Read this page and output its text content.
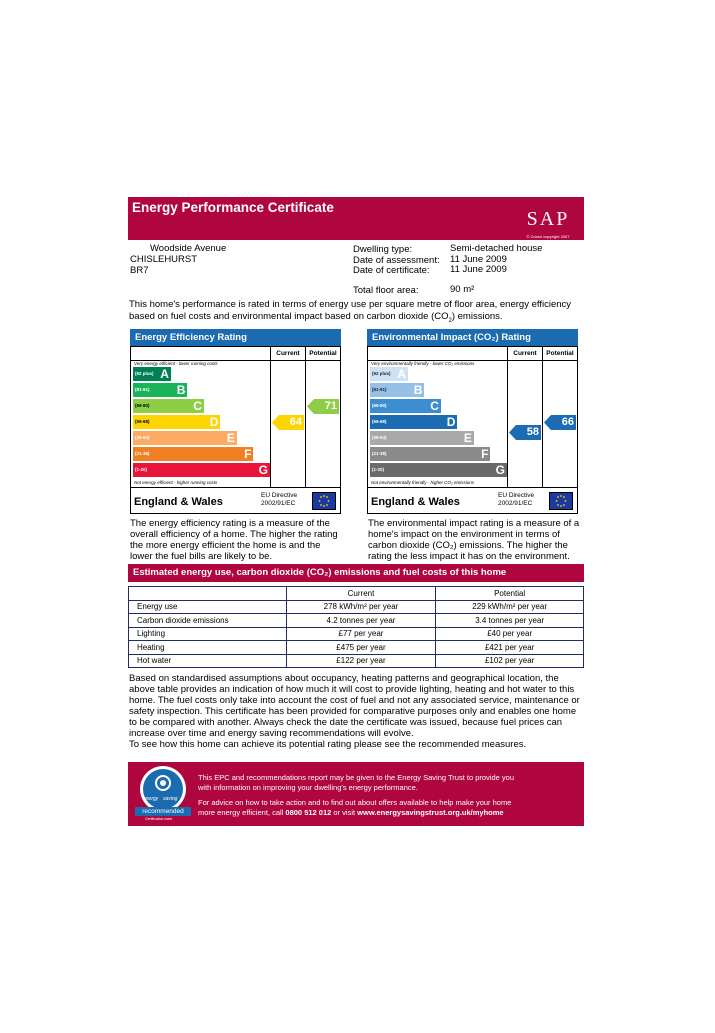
Energy Performance Certificate
SAP
© Crown copyright 2007
Woodside Avenue
CHISLEHURST
BR7
Dwelling type:	Semi-detached house
Date of assessment: 11 June 2009
Date of certificate: 11 June 2009
Total floor area:	90 m²
This home's performance is rated in terms of energy use per square metre of floor area, energy efficiency
based on fuel costs and environmental impact based on carbon dioxide $(CO_2)$ emissions.
Energy Efficiency Rating
Current	Potential
Very energy efficient - lower running costs
(92 plus) A
(81-91) B
(69-80)	C
(55-68)	D
(39-54)	E
(21-38)	F
(1-20)	G
Not energy efficient - higher running costs
64
71
England & Wales
EU Directive
2002/91/EC
Environmental Impact (CO₂) Rating
Current	Potential
Very environmentally friendly - lower CO₂ emissions
(92 plus) A
(81-91) B
(69-80)	C
(55-68)	D
(39-54)	E
(21-38)	F
(1-20)	G
Not environmentally friendly - higher CO₂ emissions
58
66
England & Wales
EU Directive
2002/91/EC
The energy efficiency rating is a measure of the overall efficiency of a home. The higher the rating the more energy efficient the home is and the lower the fuel bills are likely to be.
The environmental impact rating is a measure of a home's impact on the environment in terms of carbon dioxide (CO₂) emissions. The higher the rating the less impact it has on the environment.
Estimated energy use, carbon dioxide (CO₂) emissions and fuel costs of this home
	Current	Potential
Energy use	278 kWh/m² per year	229 kWh/m² per year
Carbon dioxide emissions	4.2 tonnes per year	3.4 tonnes per year
Lighting	£77 per year	£40 per year
Heating	£475 per year	£421 per year
Hot water	£122 per year	£102 per year
Based on standardised assumptions about occupancy, heating patterns and geographical location, the above table provides an indication of how much it will cost to provide lighting, heating and hot water to this home. The fuel costs only take into account the cost of fuel and not any associated service, maintenance or safety inspection. This certificate has been provided for comparative purposes only and enables one home to be compared with another. Always check the date the certificate was issued, because fuel prices can increase over time and energy saving recommendations will evolve.
To see how this home can achieve its potential rating please see the recommended measures.
energy saving
recommended
Certification mark
This EPC and recommendations report may be given to the Energy Saving Trust to provide you
with information on improving your dwelling's energy performance.
For advice on how to take action and to find out about offers available to help make your home
more energy efficient, call 0800 512 012 or visit www.energysavingstrust.org.uk/myhome
